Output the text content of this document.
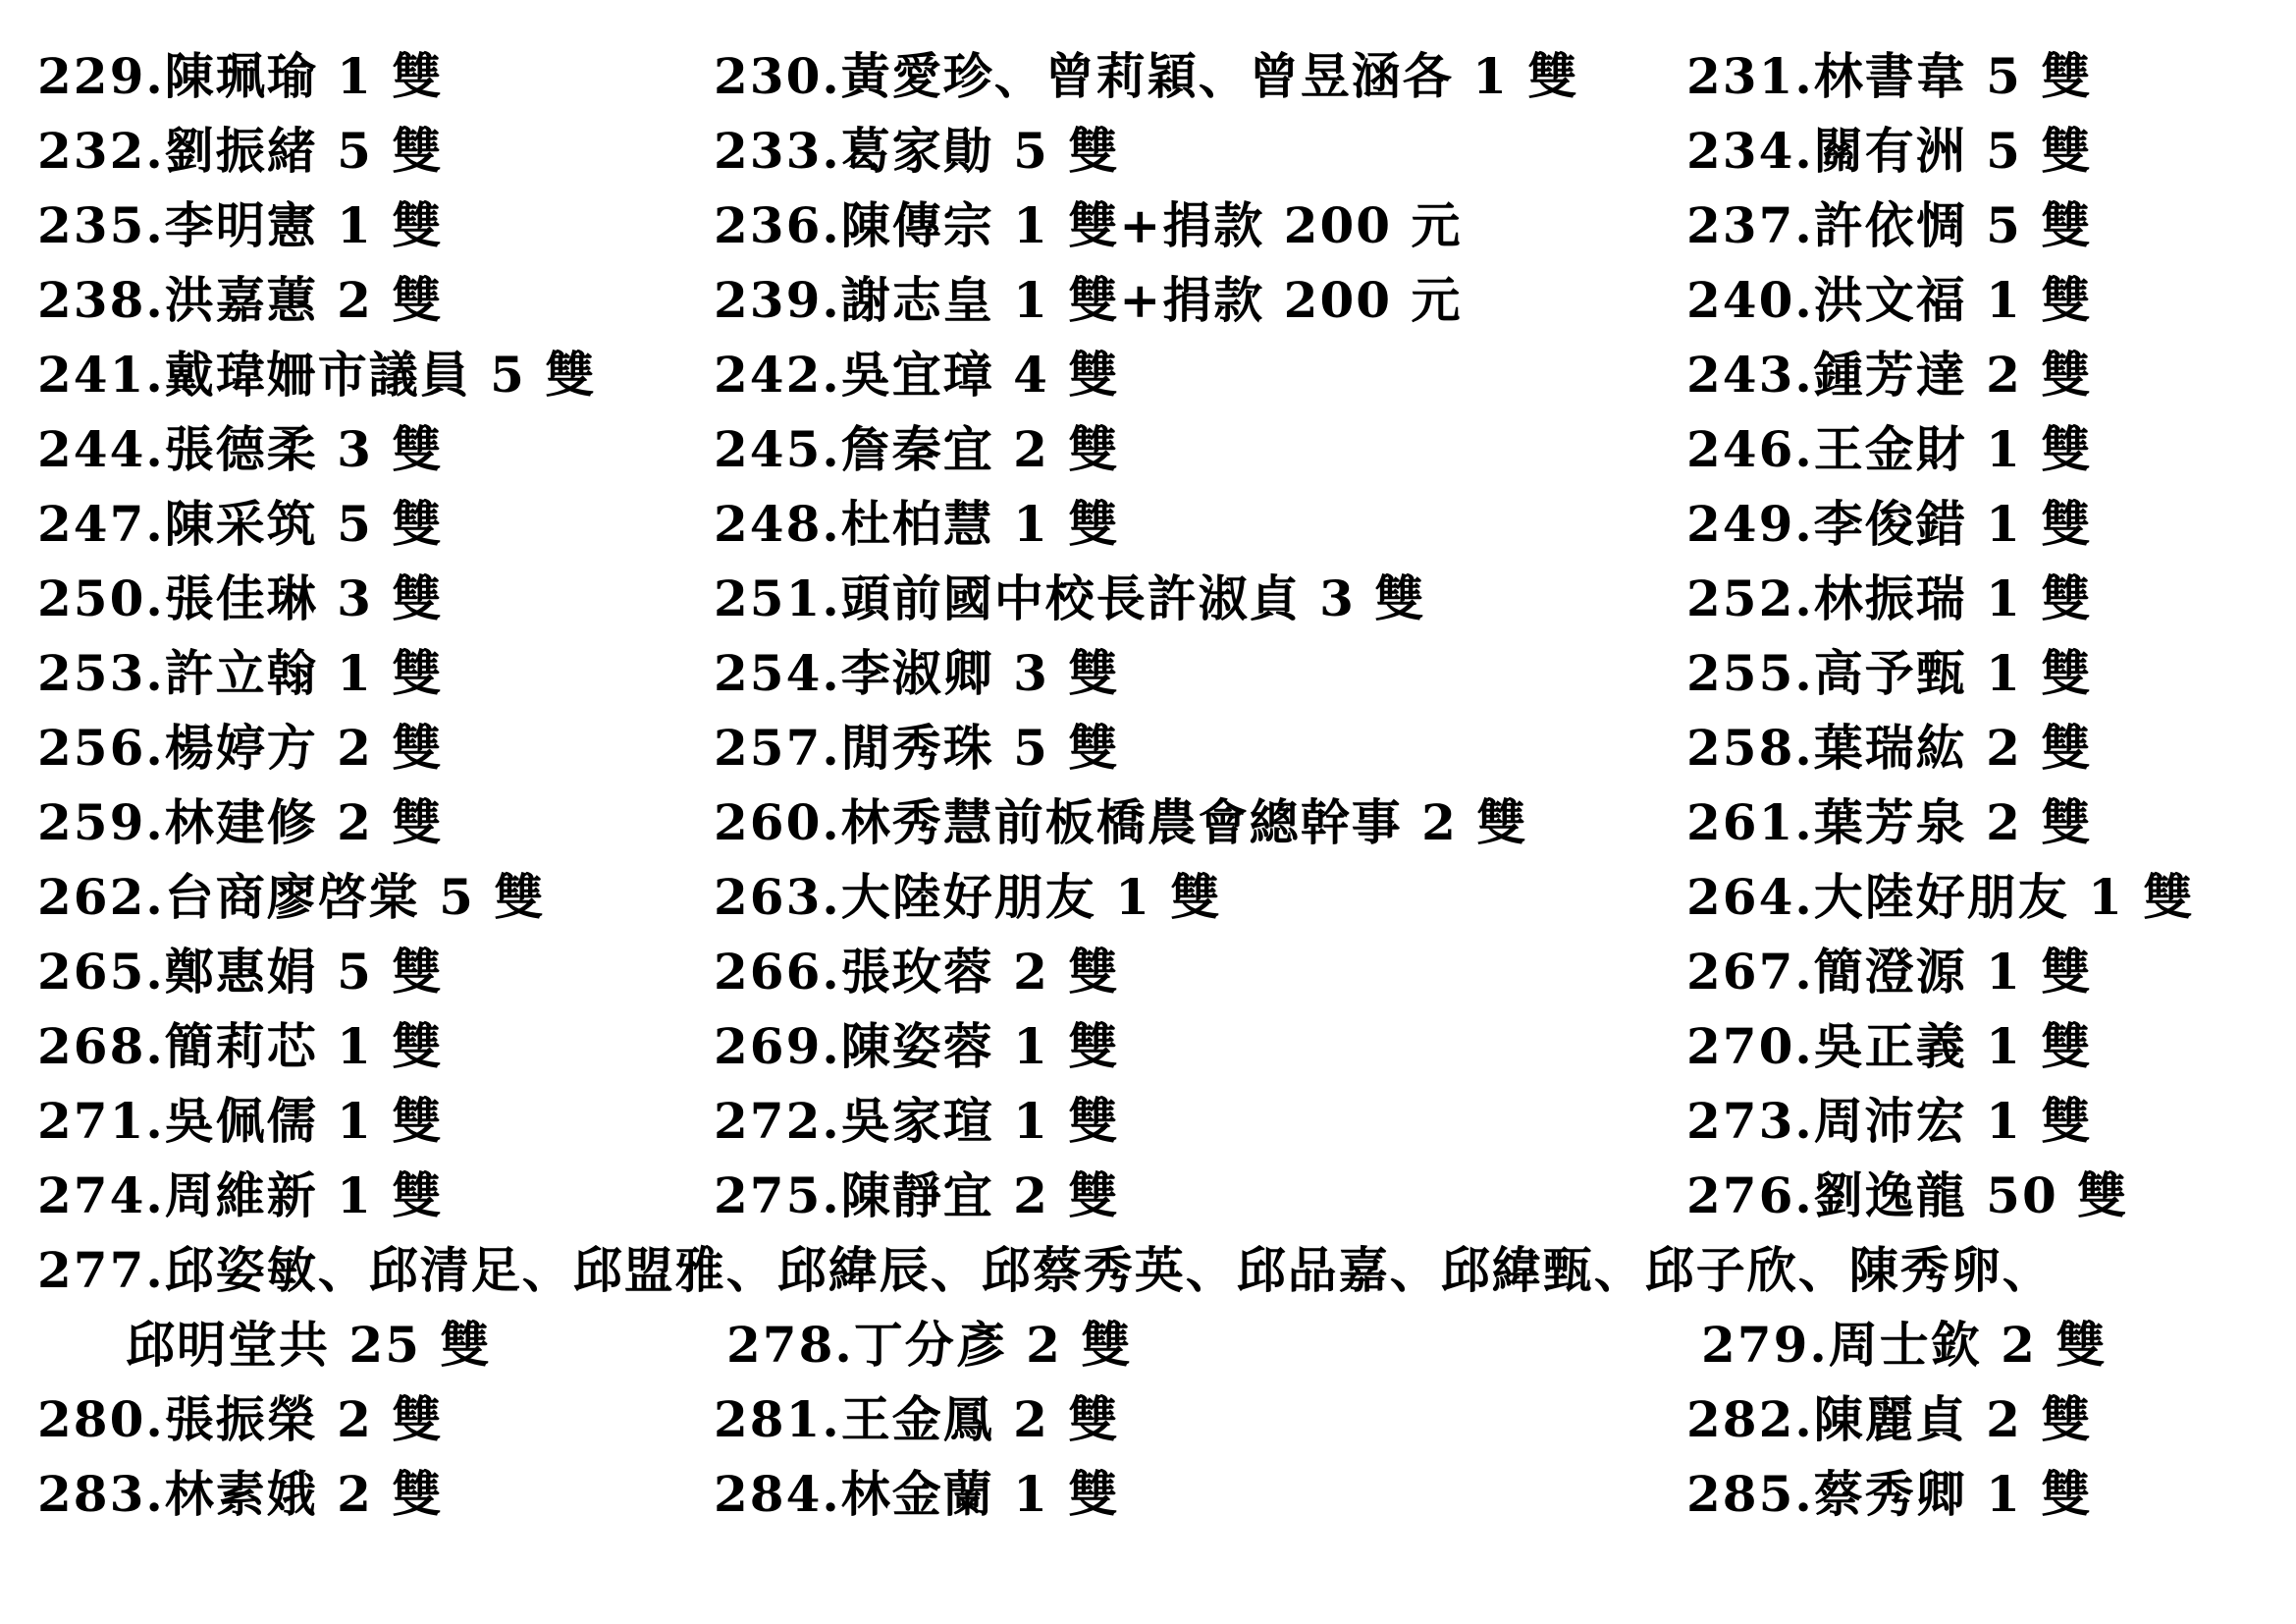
229.陳珮瑜 1 雙	230.黃愛珍、曾莉穎、曾昱涵各 1 雙 231.林書韋 5 雙
232.劉振緒 5 雙	233.葛家勛 5 雙	234.關有洲 5 雙
235.李明憲 1 雙	236.陳傳宗 1 雙+捐款 200 元	237.許依惆 5 雙
238.洪嘉蕙 2 雙	239.謝志皇 1 雙+捐款 200 元	240.洪文福 1 雙
241.戴瑋姍市議員 5 雙 242.吳宜璋 4 雙	243.鍾芳達 2 雙
244.張德柔 3 雙	245.詹秦宜 2 雙	246.王金財 1 雙
247.陳采筑 5 雙	248.杜柏慧 1 雙	249.李俊錯 1 雙
250.張佳琳 3 雙	251.頭前國中校長許淑貞 3 雙	252.林振瑞 1 雙
253.許立翰 1 雙	254.李淑卿 3 雙	255.高予甄 1 雙
256.楊婷方 2 雙	257.閒秀珠 5 雙	258.葉瑞紘 2 雙
259.林建修 2 雙	260.林秀慧前板橋農會總幹事 2 雙	261.葉芳泉 2 雙
262.台商廖啓棠 5 雙	263.大陸好朋友 1 雙	264.大陸好朋友 1 雙
265.鄭惠娟 5 雙	266.張玫蓉 2 雙	267.簡澄源 1 雙
268.簡莉芯 1 雙	269.陳姿蓉 1 雙	270.吳正義 1 雙
271.吳佩儒 1 雙	272.吳家瑄 1 雙	273.周沛宏 1 雙
274.周維新 1 雙	275.陳靜宜 2 雙	276.劉逸龍 50 雙
277.邱姿敏、邱清足、邱盟雅、邱緯辰、邱蔡秀英、邱品嘉、邱緯甄、邱子欣、陳秀卵、
邱明堂共 25 雙	278.丁分彥 2 雙	279.周士欽 2 雙
280.張振榮 2 雙	281.王金鳳 2 雙	282.陳麗貞 2 雙
283.林素娥 2 雙	284.林金蘭 1 雙	285.蔡秀卿 1 雙
